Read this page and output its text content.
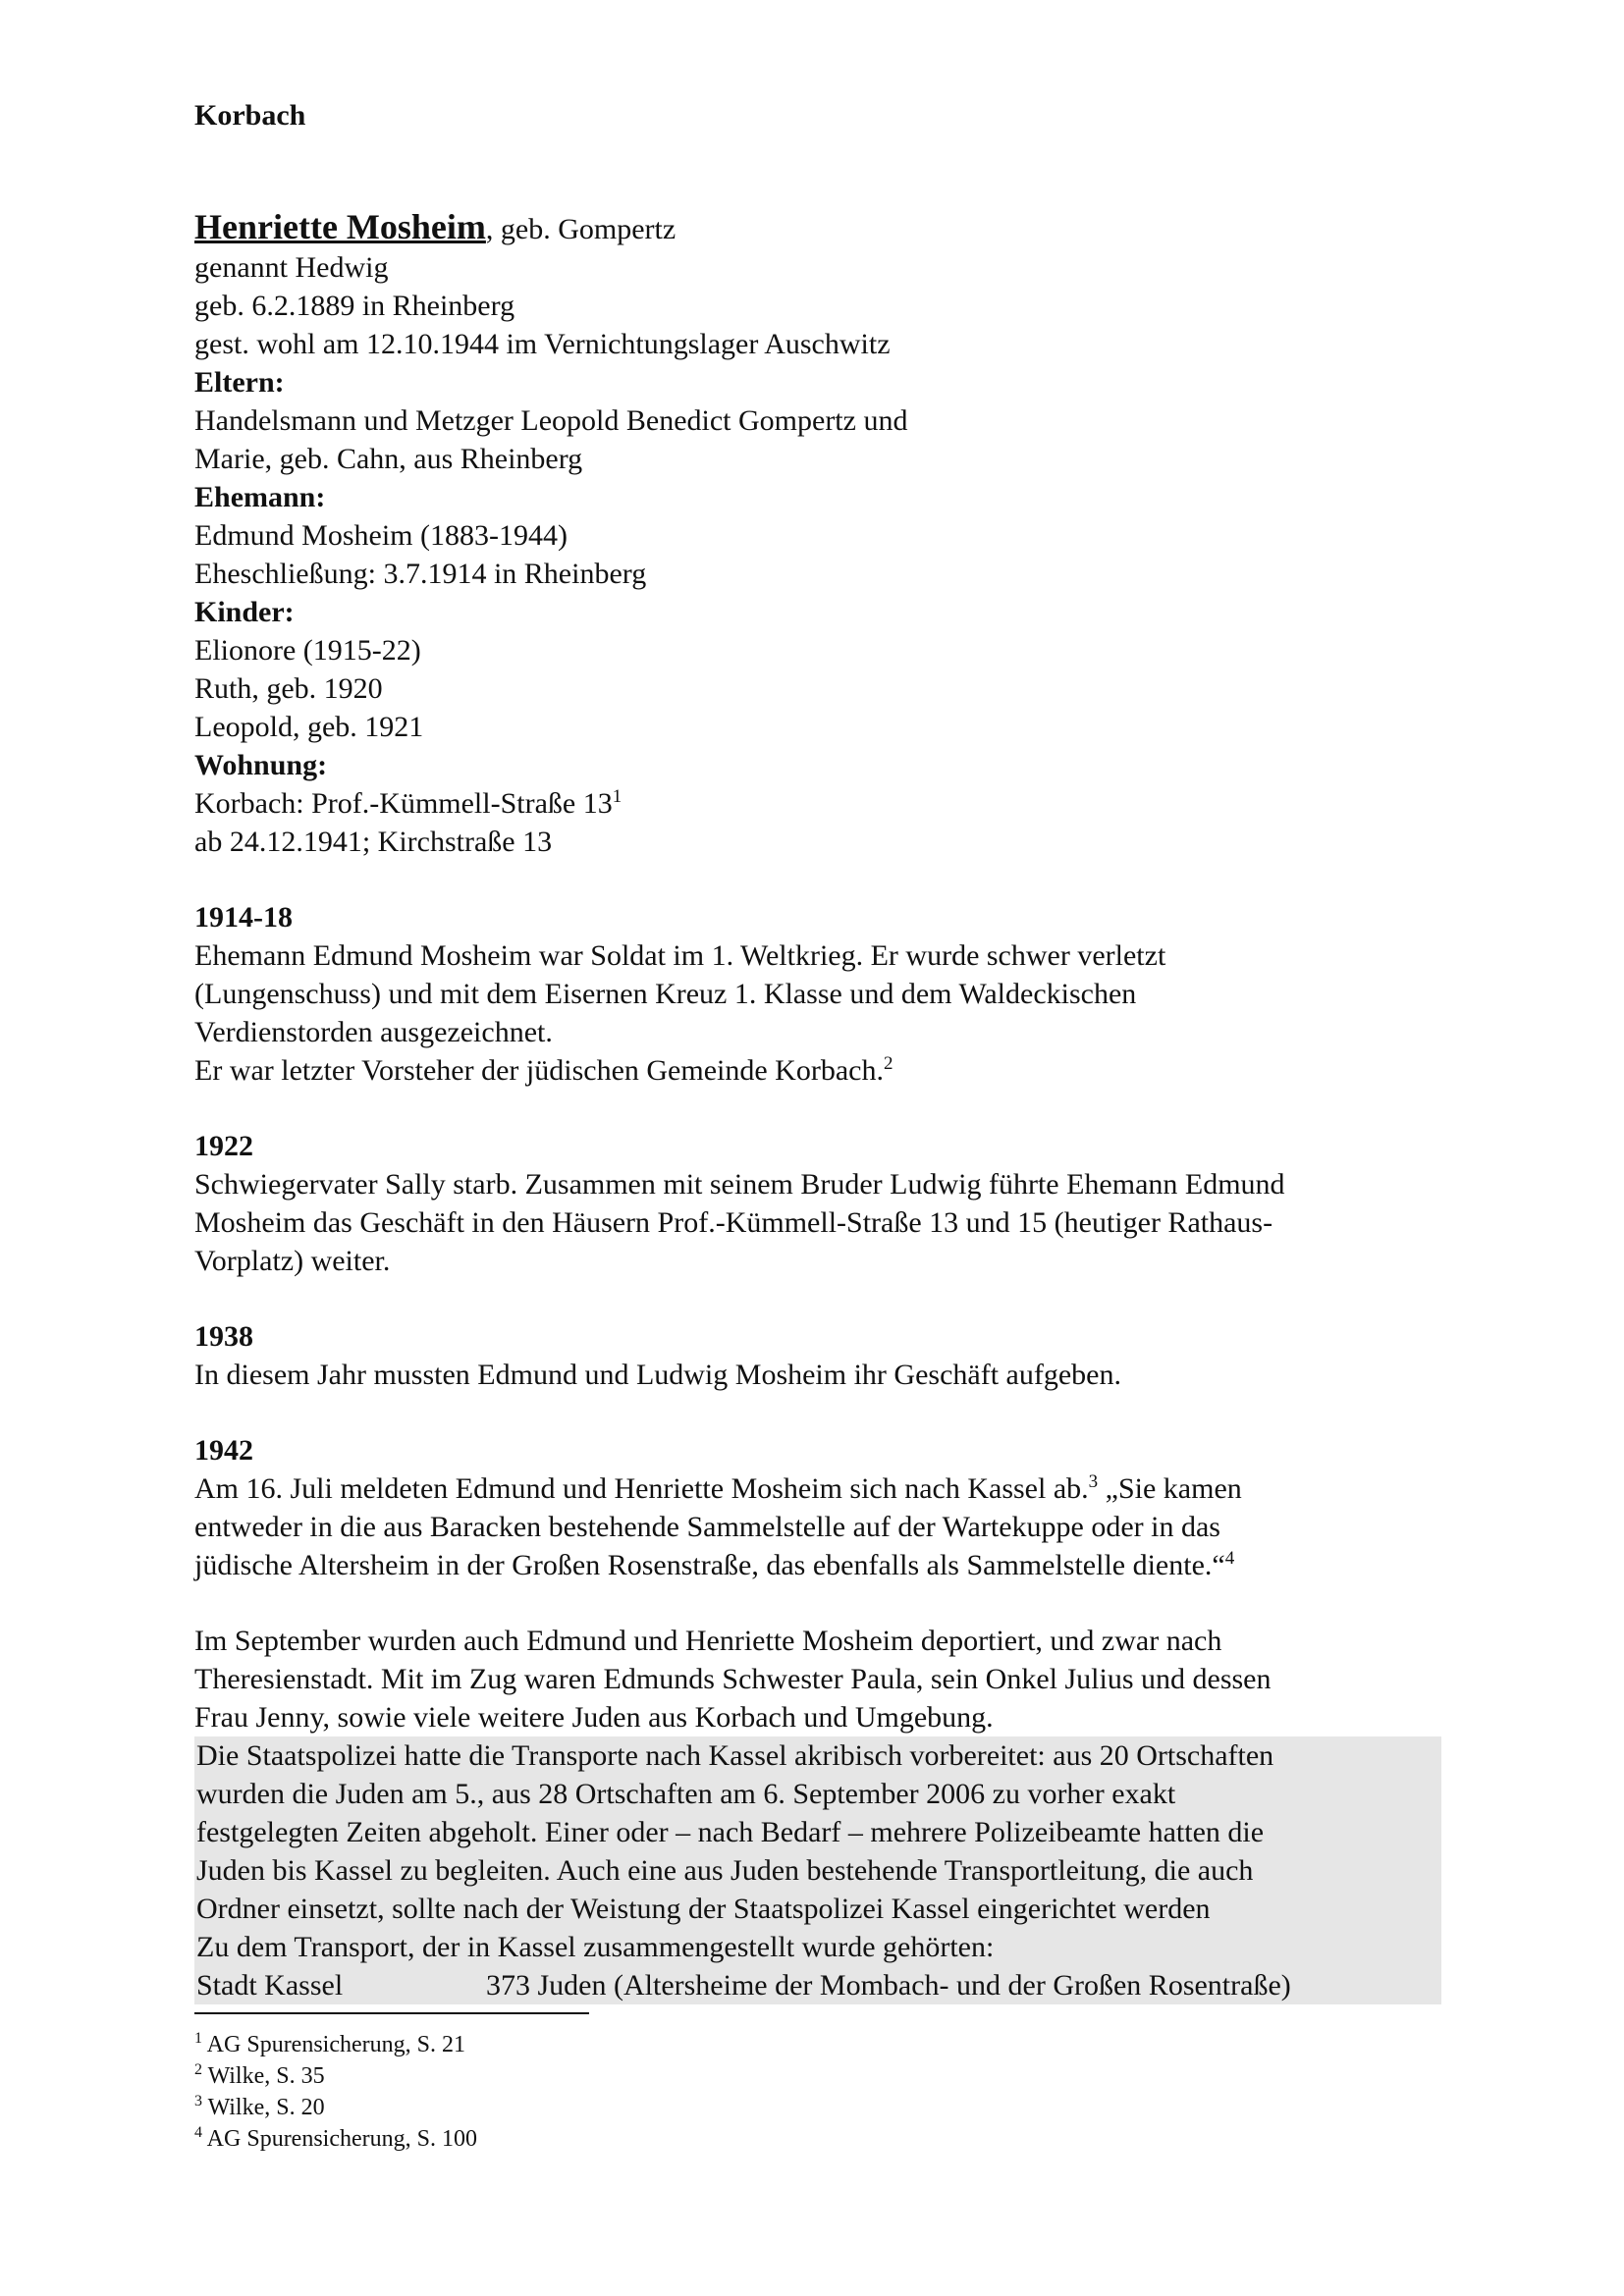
Korbach

Henriette Mosheim, geb. Gompertz

genannt Hedwig

geb. 6.2.1889 in Rheinberg

gest. wohl am 12.10.1944 im Vernichtungslager Auschwitz

Eltern:

Handelsmann und Metzger Leopold Benedict Gompertz und

Marie, geb. Cahn, aus Rheinberg

Ehemann:

Edmund Mosheim (1883-1944)

Eheschließung: 3.7.1914 in Rheinberg

Kinder:

Elionore (1915-22)

Ruth, geb. 1920

Leopold, geb. 1921

Wohnung:

Korbach: Prof.-Kümmell-Straße $13^1$

ab 24.12.1941; Kirchstraße 13

1914-18

Ehemann Edmund Mosheim war Soldat im 1. Weltkrieg. Er wurde schwer verletzt

(Lungenschuss) und mit dem Eisernen Kreuz 1. Klasse und dem Waldeckischen

Verdienstorden ausgezeichnet.

Er war letzter Vorsteher der jüdischen Gemeinde Korbach.$^2$

1922

Schwiegervater Sally starb. Zusammen mit seinem Bruder Ludwig führte Ehemann Edmund

Mosheim das Geschäft in den Häusern Prof.-Kümmell-Straße 13 und 15 (heutiger Rathaus-

Vorplatz) weiter.

1938

In diesem Jahr mussten Edmund und Ludwig Mosheim ihr Geschäft aufgeben.

1942

Am 16. Juli meldeten Edmund und Henriette Mosheim sich nach Kassel ab.$^3$ „Sie kamen

entweder in die aus Baracken bestehende Sammelstelle auf der Wartekuppe oder in das

jüdische Altersheim in der Großen Rosenstraße, das ebenfalls als Sammelstelle diente.“$^4$

Im September wurden auch Edmund und Henriette Mosheim deportiert, und zwar nach

Theresienstadt. Mit im Zug waren Edmunds Schwester Paula, sein Onkel Julius und dessen

Frau Jenny, sowie viele weitere Juden aus Korbach und Umgebung.

Die Staatspolizei hatte die Transporte nach Kassel akribisch vorbereitet: aus 20 Ortschaften

wurden die Juden am 5., aus 28 Ortschaften am 6. September 2006 zu vorher exakt

festgelegten Zeiten abgeholt. Einer oder – nach Bedarf – mehrere Polizeibeamte hatten die

Juden bis Kassel zu begleiten. Auch eine aus Juden bestehende Transportleitung, die auch

Ordner einsetzt, sollte nach der Weistung der Staatspolizei Kassel eingerichtet werden

Zu dem Transport, der in Kassel zusammengestellt wurde gehörten:

Stadt Kassel	373 Juden (Altersheime der Mombach- und der Großen Rosentraße)

$^1$ AG Spurensicherung, S. 21

$^2$ Wilke, S. 35

$^3$ Wilke, S. 20

$^4$ AG Spurensicherung, S. 100
